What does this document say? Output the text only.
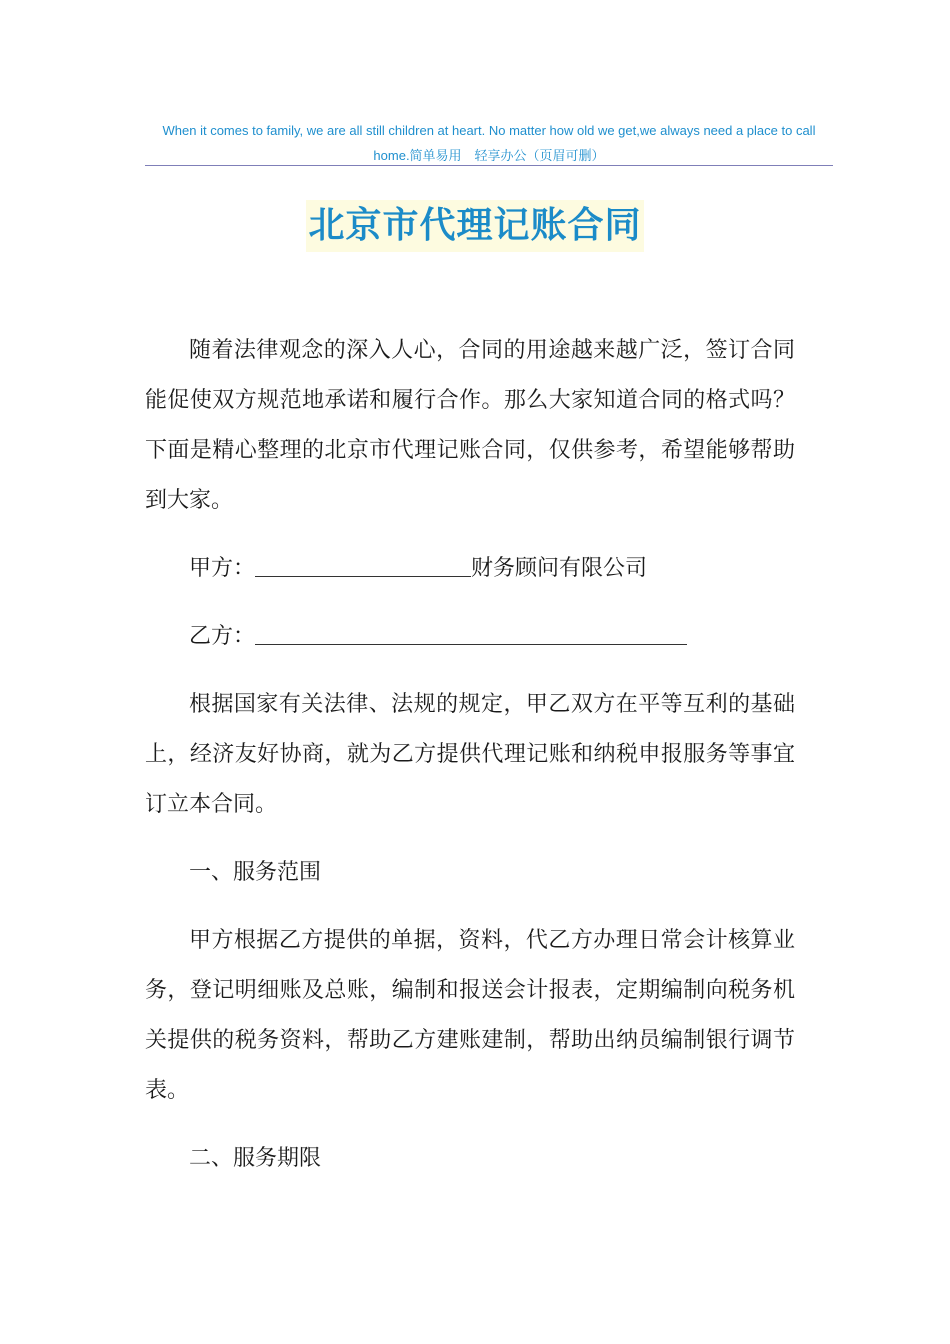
When it comes to family, we are all still children at heart. No matter how old we get,we always need a place to call home.简单易用　轻享办公（页眉可删）
北京市代理记账合同

随着法律观念的深入人心，合同的用途越来越广泛，签订合同能促使双方规范地承诺和履行合作。那么大家知道合同的格式吗？下面是精心整理的北京市代理记账合同，仅供参考，希望能够帮助到大家。

甲方：	财务顾问有限公司

乙方：

根据国家有关法律、法规的规定，甲乙双方在平等互利的基础上，经济友好协商，就为乙方提供代理记账和纳税申报服务等事宜订立本合同。

一、服务范围

甲方根据乙方提供的单据，资料，代乙方办理日常会计核算业务，登记明细账及总账，编制和报送会计报表，定期编制向税务机关提供的税务资料，帮助乙方建账建制，帮助出纳员编制银行调节表。

二、服务期限
